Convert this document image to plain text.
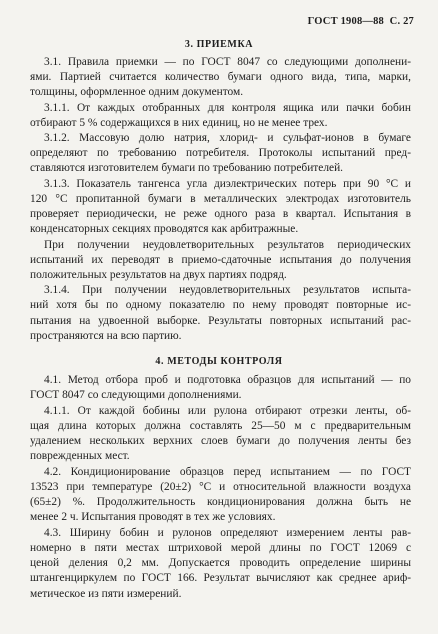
ГОСТ 1908—88 С. 27
3. ПРИЕМКА
3.1. Правила приемки — по ГОСТ 8047 со следующими дополнени-
ями. Партией считается количество бумаги одного вида, типа, марки,
толщины, оформленное одним документом.
3.1.1. От каждых отобранных для контроля ящика или пачки бобин
отбирают 5 % содержащихся в них единиц, но не менее трех.
3.1.2. Массовую долю натрия, хлорид- и сульфат-ионов в бумаге
определяют по требованию потребителя. Протоколы испытаний пред-
ставляются изготовителем бумаги по требованию потребителей.
3.1.3. Показатель тангенса угла диэлектрических потерь при 90 °С и
120 °С пропитанной бумаги в металлических электродах изготовитель
проверяет периодически, не реже одного раза в квартал. Испытания в
конденсаторных секциях проводятся как арбитражные.
При получении неудовлетворительных результатов периодических
испытаний их переводят в приемо-сдаточные испытания до получения
положительных результатов на двух партиях подряд.
3.1.4. При получении неудовлетворительных результатов испыта-
ний хотя бы по одному показателю по нему проводят повторные ис-
пытания на удвоенной выборке. Результаты повторных испытаний рас-
пространяются на всю партию.
4. МЕТОДЫ КОНТРОЛЯ
4.1. Метод отбора проб и подготовка образцов для испытаний — по
ГОСТ 8047 со следующими дополнениями.
4.1.1. От каждой бобины или рулона отбирают отрезки ленты, об-
щая длина которых должна составлять 25—50 м с предварительным
удалением нескольких верхних слоев бумаги до получения ленты без
поврежденных мест.
4.2. Кондиционирование образцов перед испытанием — по ГОСТ
13523 при температуре (20±2) °С и относительной влажности воздуха
(65±2) %. Продолжительность кондиционирования должна быть не
менее 2 ч. Испытания проводят в тех же условиях.
4.3. Ширину бобин и рулонов определяют измерением ленты рав-
номерно в пяти местах штриховой мерой длины по ГОСТ 12069 с
ценой деления 0,2 мм. Допускается проводить определение ширины
штангенциркулем по ГОСТ 166. Результат вычисляют как среднее ариф-
метическое из пяти измерений.
